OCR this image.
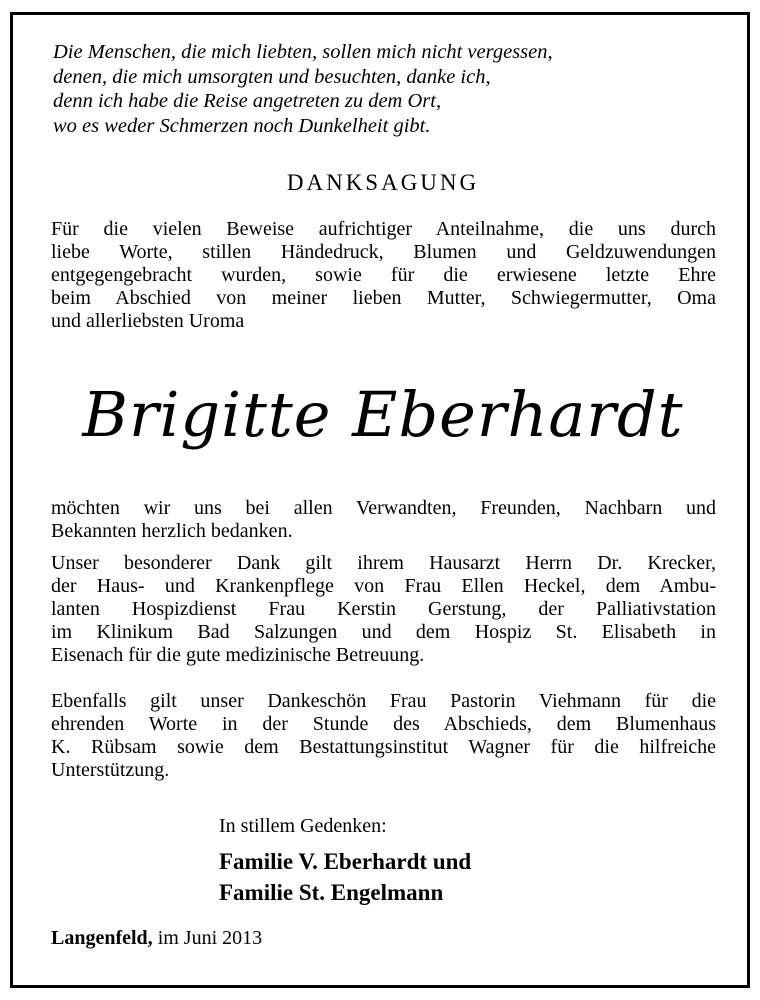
Die Menschen, die mich liebten, sollen mich nicht vergessen,
denen, die mich umsorgten und besuchten, danke ich,
denn ich habe die Reise angetreten zu dem Ort,
wo es weder Schmerzen noch Dunkelheit gibt.
DANKSAGUNG
Für die vielen Beweise aufrichtiger Anteilnahme, die uns durch
liebe Worte, stillen Händedruck, Blumen und Geldzuwendungen
entgegengebracht wurden, sowie für die erwiesene letzte Ehre
beim Abschied von meiner lieben Mutter, Schwiegermutter, Oma
und allerliebsten Uroma
Brigitte Eberhardt
möchten wir uns bei allen Verwandten, Freunden, Nachbarn und
Bekannten herzlich bedanken.
Unser besonderer Dank gilt ihrem Hausarzt Herrn Dr. Krecker,
der Haus- und Krankenpflege von Frau Ellen Heckel, dem Ambu-
lanten Hospizdienst Frau Kerstin Gerstung, der Palliativstation
im Klinikum Bad Salzungen und dem Hospiz St. Elisabeth in
Eisenach für die gute medizinische Betreuung.
Ebenfalls gilt unser Dankeschön Frau Pastorin Viehmann für die
ehrenden Worte in der Stunde des Abschieds, dem Blumenhaus
K. Rübsam sowie dem Bestattungsinstitut Wagner für die hilfreiche
Unterstützung.
In stillem Gedenken:
Familie V. Eberhardt und
Familie St. Engelmann
Langenfeld, im Juni 2013
